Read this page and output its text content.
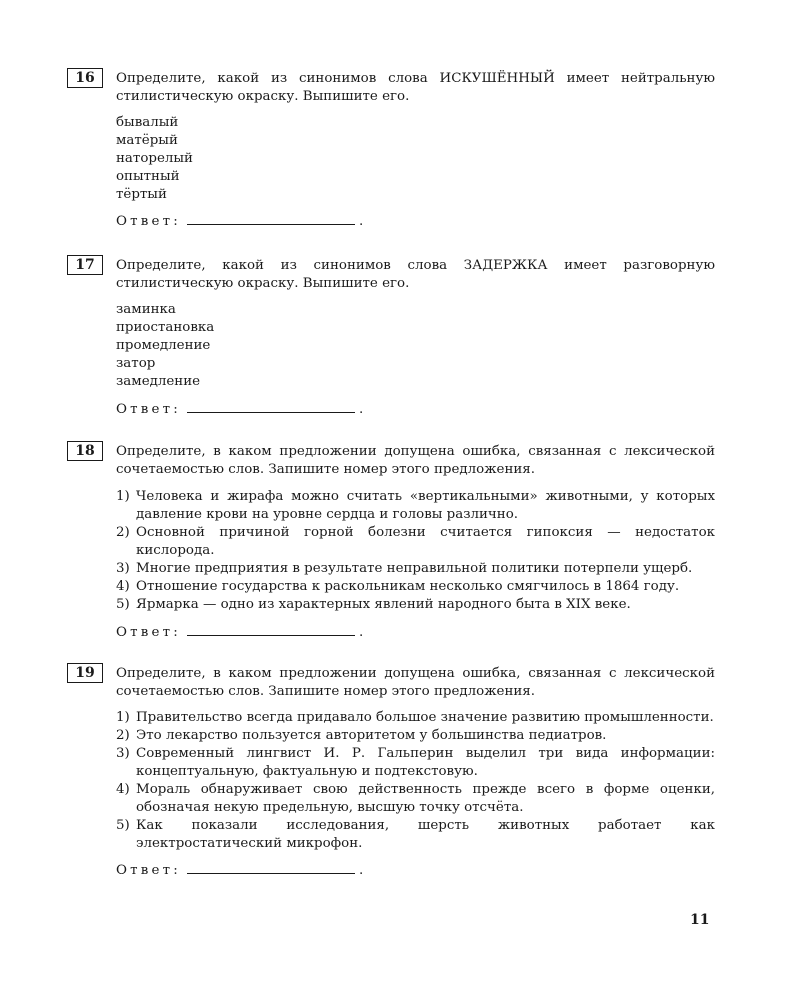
16	Определите, какой из синонимов слова ИСКУШЁННЫЙ имеет нейтральную стилистическую окраску. Выпишите его.
бывалый
матёрый
наторелый
опытный
тёртый
Ответ:	.
17	Определите, какой из синонимов слова ЗАДЕРЖКА имеет разговорную стилистическую окраску. Выпишите его.
заминка
приостановка
промедление
затор
замедление
Ответ:	.
18	Определите, в каком предложении допущена ошибка, связанная с лексической сочетаемостью слов. Запишите номер этого предложения.
1) Человека и жирафа можно считать «вертикальными» животными, у которых давление крови на уровне сердца и головы различно.
2) Основной причиной горной болезни считается гипоксия — недостаток кислорода.
3) Многие предприятия в результате неправильной политики потерпели ущерб.
4) Отношение государства к раскольникам несколько смягчилось в 1864 году.
5) Ярмарка — одно из характерных явлений народного быта в XIX веке.
Ответ:	.
19	Определите, в каком предложении допущена ошибка, связанная с лексической сочетаемостью слов. Запишите номер этого предложения.
1) Правительство всегда придавало большое значение развитию промышленности.
2) Это лекарство пользуется авторитетом у большинства педиатров.
3) Современный лингвист И. Р. Гальперин выделил три вида информации: концептуальную, фактуальную и подтекстовую.
4) Мораль обнаруживает свою действенность прежде всего в форме оценки, обозначая некую предельную, высшую точку отсчёта.
5) Как показали исследования, шерсть животных работает как электростатический микрофон.
Ответ:	.
11
